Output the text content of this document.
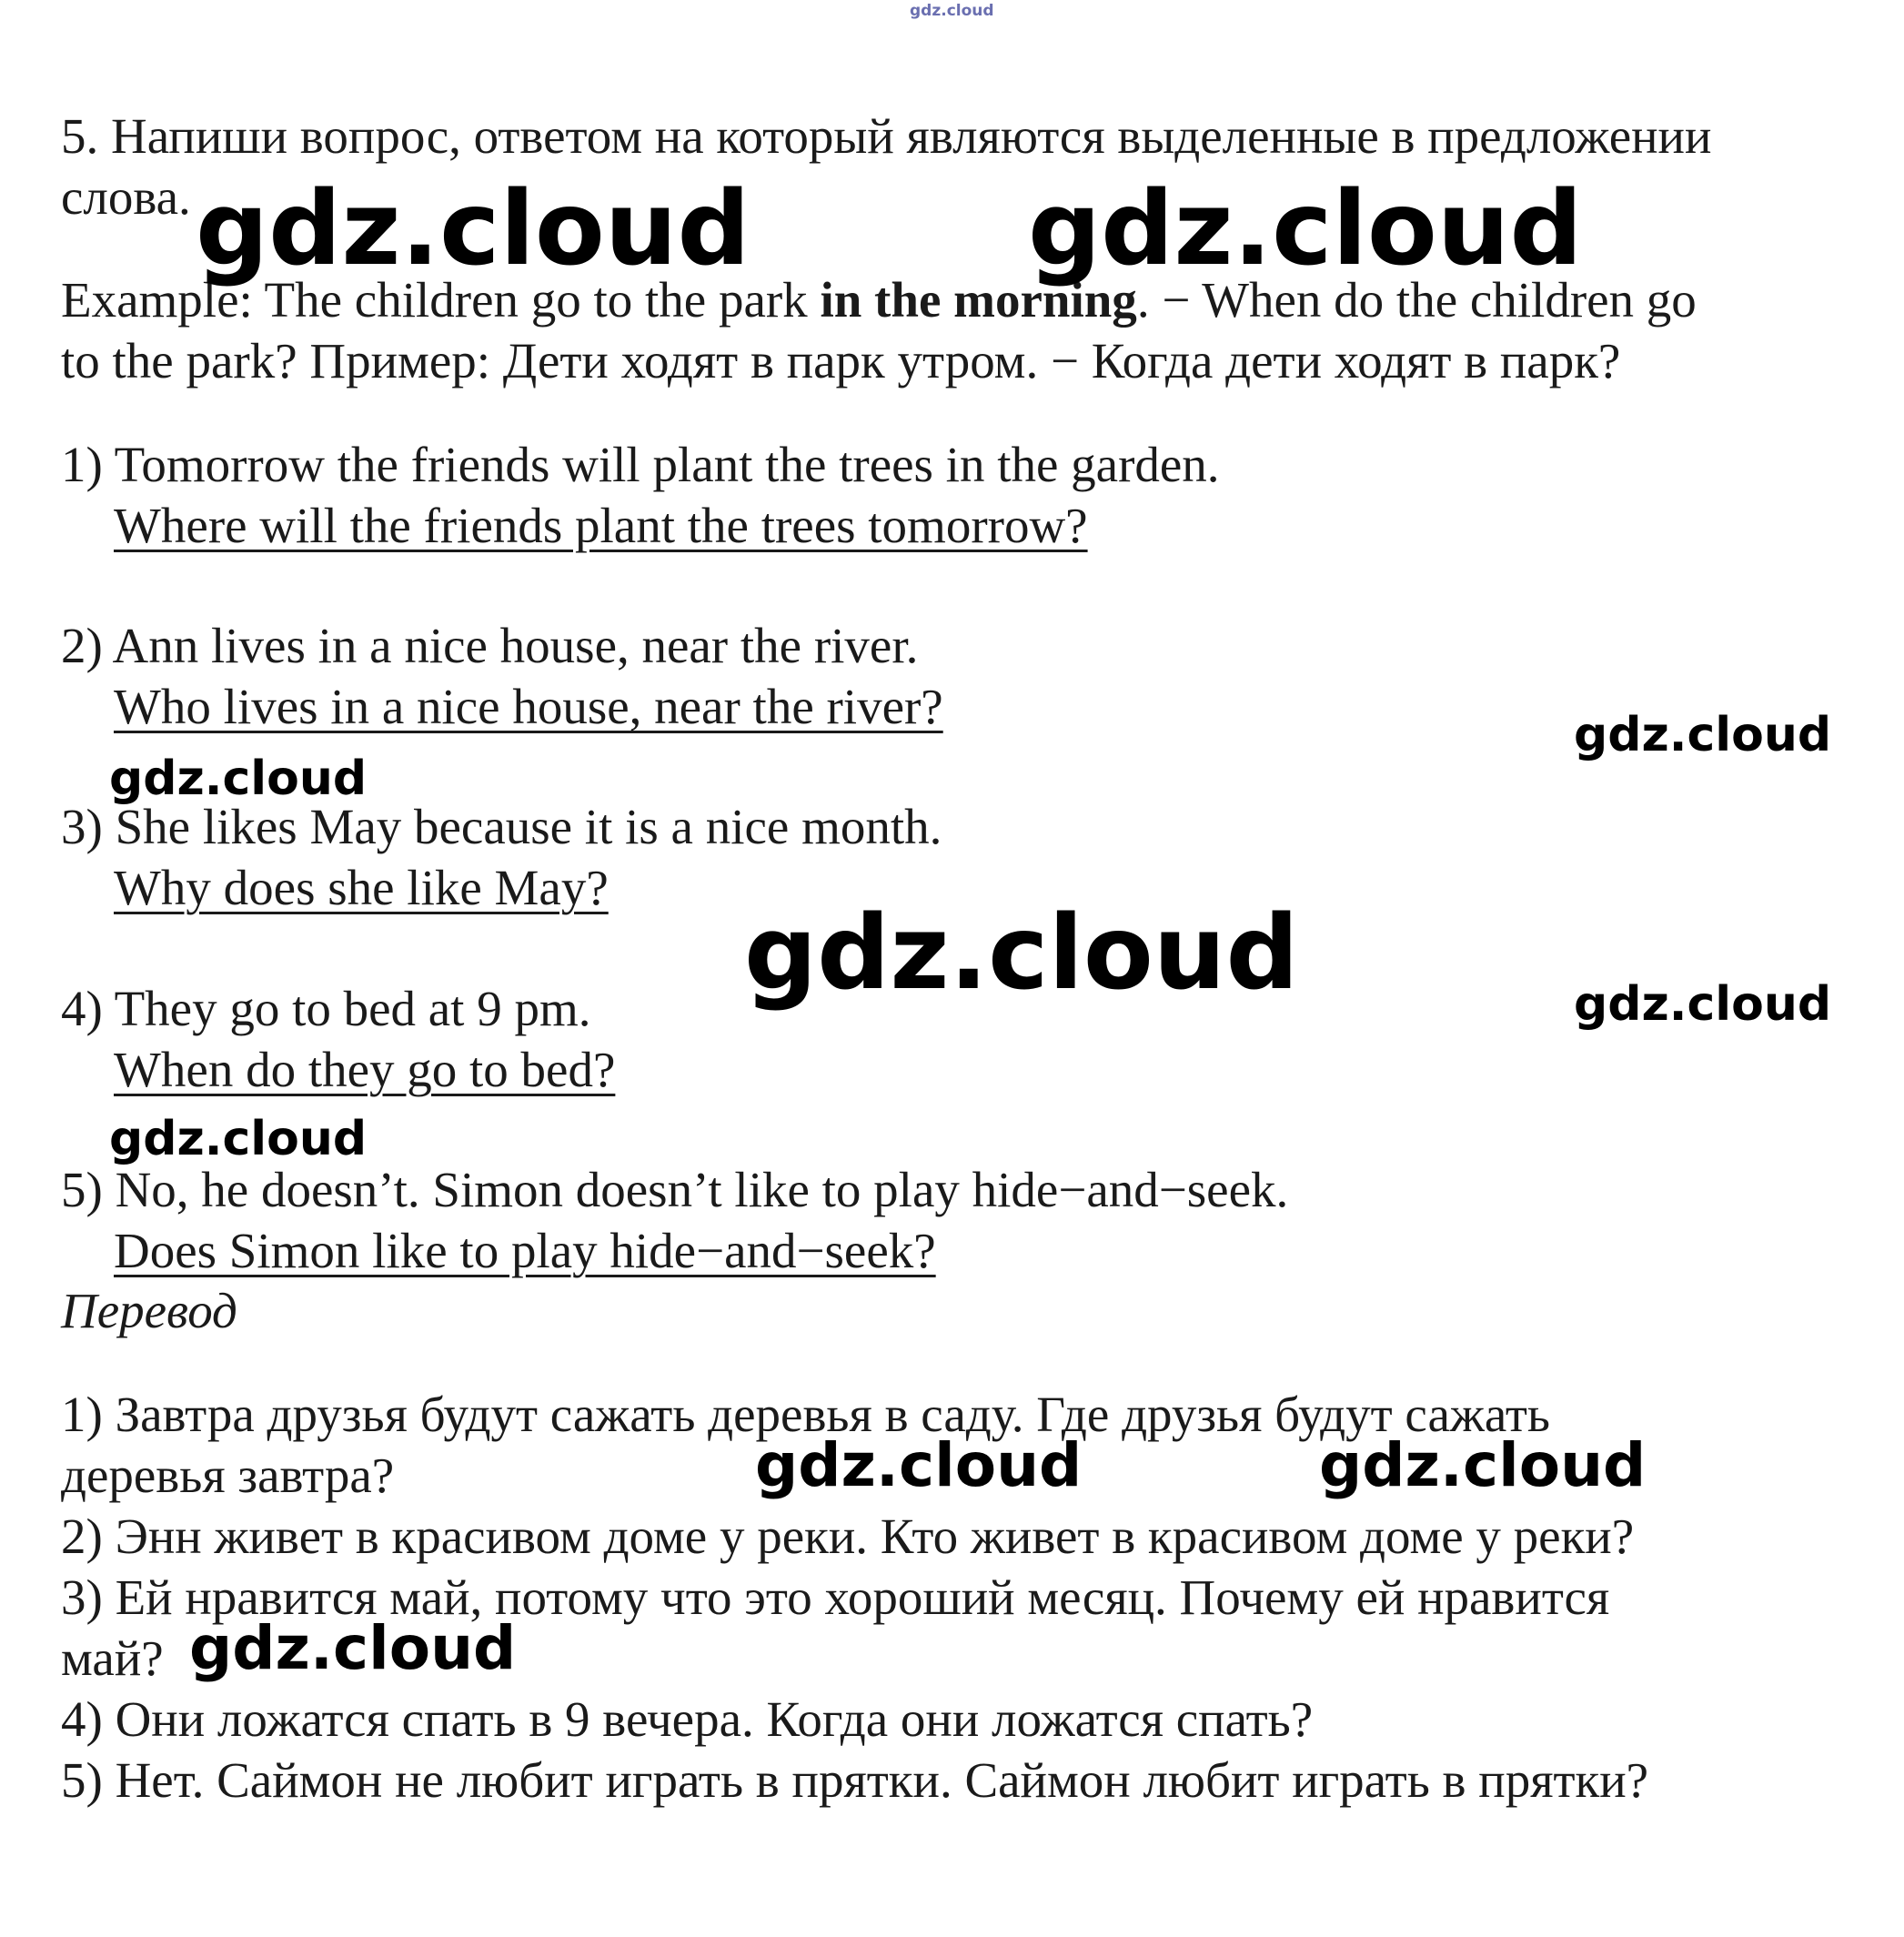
gdz.cloud
5. Напиши вопрос, ответом на который являются выделенные в предложении
слова.
Example: The children go to the park in the morning. − When do the children go
to the park? Пример: Дети ходят в парк утром. − Когда дети ходят в парк?
1) Tomorrow the friends will plant the trees in the garden.
Where will the friends plant the trees tomorrow?
2) Ann lives in a nice house, near the river.
Who lives in a nice house, near the river?
3) She likes May because it is a nice month.
Why does she like May?
4) They go to bed at 9 pm.
When do they go to bed?
5) No, he doesn’t. Simon doesn’t like to play hide−and−seek.
Does Simon like to play hide−and−seek?
Перевод
1) Завтра друзья будут сажать деревья в саду. Где друзья будут сажать
деревья завтра?
2) Энн живет в красивом доме у реки. Кто живет в красивом доме у реки?
3) Ей нравится май, потому что это хороший месяц. Почему ей нравится
май?
4) Они ложатся спать в 9 вечера. Когда они ложатся спать?
5) Нет. Саймон не любит играть в прятки. Саймон любит играть в прятки?
gdz.cloud	gdz.cloud
gdz.cloud
gdz.cloud
gdz.cloud	gdz.cloud
gdz.cloud
gdz.cloud	gdz.cloud
gdz.cloud
